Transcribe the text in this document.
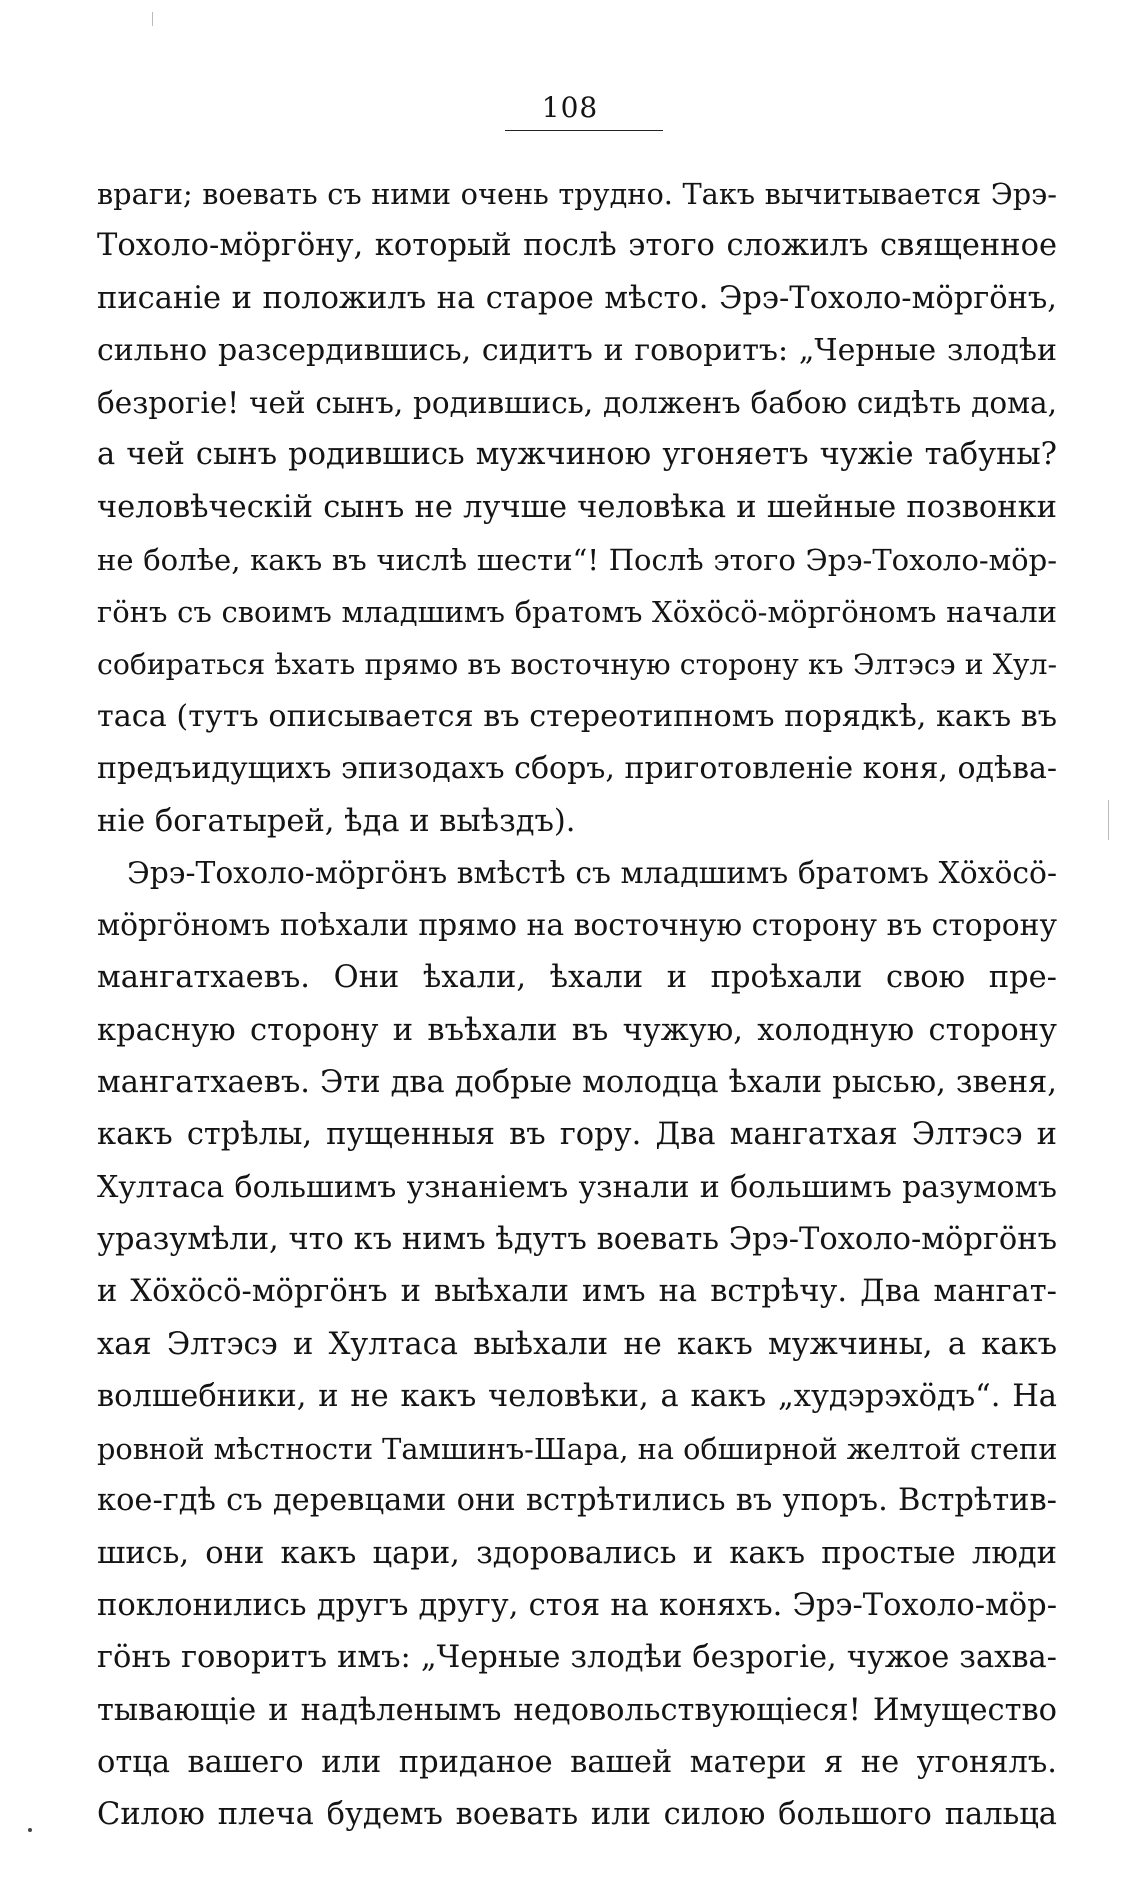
108
враги; воевать съ ними очень трудно. Такъ вычитывается Эрэ-
Тохоло-мöргöну, который послѣ этого сложилъ священное
писаніе и положилъ на старое мѣсто. Эрэ-Тохоло-мöргöнъ,
сильно разсердившись, сидитъ и говоритъ: „Черные злодѣи
безрогіе! чей сынъ, родившись, долженъ бабою сидѣть дома,
а чей сынъ родившись мужчиною угоняетъ чужіе табуны?
человѣческій сынъ не лучше человѣка и шейные позвонки
не болѣе, какъ въ числѣ шести“! Послѣ этого Эрэ-Тохоло-мöр-
гöнъ съ своимъ младшимъ братомъ Хöхöсö-мöргöномъ начали
собираться ѣхать прямо въ восточную сторону къ Элтэсэ и Хул-
таса (тутъ описывается въ стереотипномъ порядкѣ, какъ въ
предъидущихъ эпизодахъ сборъ, приготовленіе коня, одѣва-
ніе богатырей, ѣда и выѣздъ).
Эрэ-Тохоло-мöргöнъ вмѣстѣ съ младшимъ братомъ Хöхöсö-
мöргöномъ поѣхали прямо на восточную сторону въ сторону
мангатхаевъ. Они ѣхали, ѣхали и проѣхали свою пре-
красную сторону и въѣхали въ чужую, холодную сторону
мангатхаевъ. Эти два добрые молодца ѣхали рысью, звеня,
какъ стрѣлы, пущенныя въ гору. Два мангатхая Элтэсэ и
Хултаса большимъ узнаніемъ узнали и большимъ разумомъ
уразумѣли, что къ нимъ ѣдутъ воевать Эрэ-Тохоло-мöргöнъ
и Хöхöсö-мöргöнъ и выѣхали имъ на встрѣчу. Два мангат-
хая Элтэсэ и Хултаса выѣхали не какъ мужчины, а какъ
волшебники, и не какъ человѣки, а какъ „худэрэхöдъ“. На
ровной мѣстности Тамшинъ-Шара, на обширной желтой степи
кое-гдѣ съ деревцами они встрѣтились въ упоръ. Встрѣтив-
шись, они какъ цари, здоровались и какъ простые люди
поклонились другъ другу, стоя на коняхъ. Эрэ-Тохоло-мöр-
гöнъ говоритъ имъ: „Черные злодѣи безрогіе, чужое захва-
тывающіе и надѣленымъ недовольствующіеся! Имущество
отца вашего или приданое вашей матери я не угонялъ.
Силою плеча будемъ воевать или силою большого пальца
